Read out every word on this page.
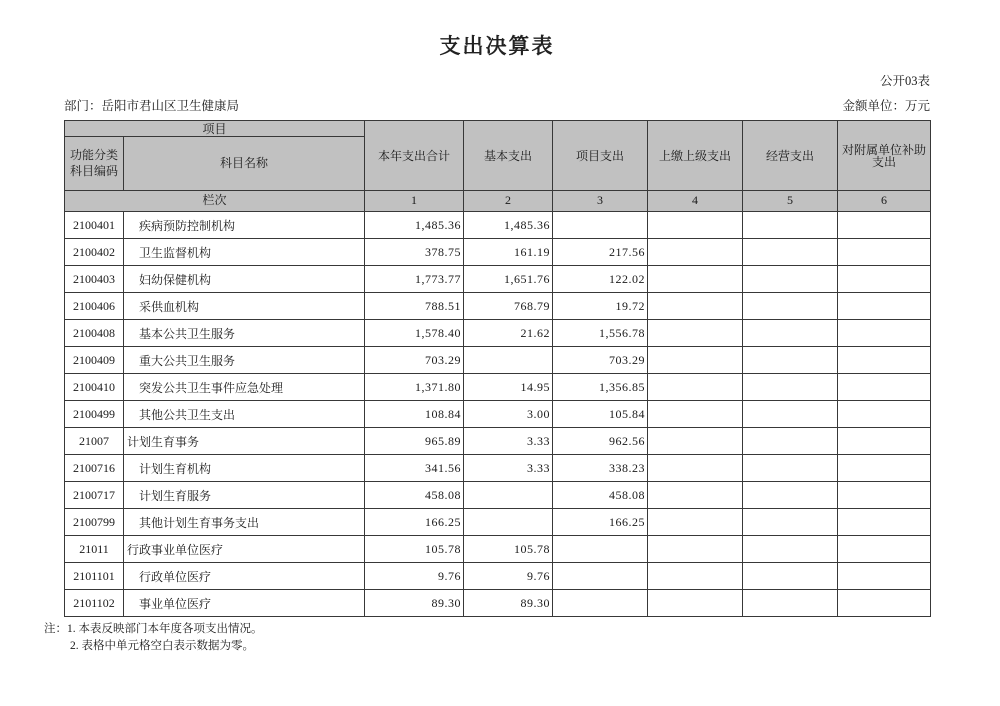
支出决算表
公开03表
部门：岳阳市君山区卫生健康局	金额单位：万元
项目		本年支出合计	基本支出	项目支出	上缴上级支出	经营支出	对附属单位补助支出
功能分类科目编码	科目名称						
栏次		1	2	3	4	5	6
2100401	疾病预防控制机构	1,485.36	1,485.36				
2100402	卫生监督机构	378.75	161.19	217.56			
2100403	妇幼保健机构	1,773.77	1,651.76	122.02			
2100406	采供血机构	788.51	768.79	19.72			
2100408	基本公共卫生服务	1,578.40	21.62	1,556.78			
2100409	重大公共卫生服务	703.29		703.29			
2100410	突发公共卫生事件应急处理	1,371.80	14.95	1,356.85			
2100499	其他公共卫生支出	108.84	3.00	105.84			
21007	计划生育事务	965.89	3.33	962.56			
2100716	计划生育机构	341.56	3.33	338.23			
2100717	计划生育服务	458.08		458.08			
2100799	其他计划生育事务支出	166.25		166.25			
21011	行政事业单位医疗	105.78	105.78				
2101101	行政单位医疗	9.76	9.76				
2101102	事业单位医疗	89.30	89.30				
注：1. 本表反映部门本年度各项支出情况。
2. 表格中单元格空白表示数据为零。
